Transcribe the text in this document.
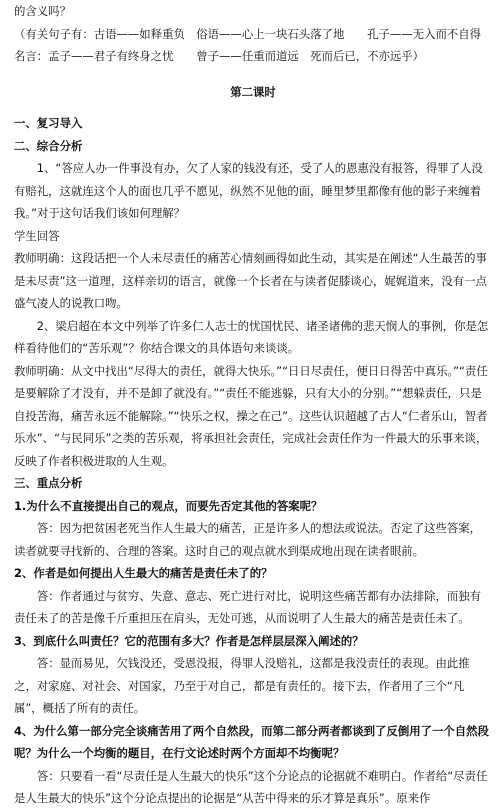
的含义吗？

（有关句子有：古语——如释重负　俗语——心上一块石头落了地　　孔子——无入而不自得

名言：孟子——君子有终身之忧　　曾子——任重而道远　死而后已，不亦远乎）

第二课时

一、复习导入

二、综合分析

1、“答应人办一件事没有办，欠了人家的钱没有还，受了人的恩惠没有报答，得罪了人没有赔礼，这就连这个人的面也几乎不愿见，纵然不见他的面，睡里梦里都像有他的影子来缠着我。”对于这句话我们该如何理解？

学生回答

教师明确：这段话把一个人未尽责任的痛苦心情刻画得如此生动，其实是在阐述“人生最苦的事是未尽责”这一道理，这样亲切的语言，就像一个长者在与读者促膝谈心，娓娓道来，没有一点盛气凌人的说教口吻。

2、梁启超在本文中列举了许多仁人志士的忧国忧民、诸圣诸佛的悲天悯人的事例，你是怎样看待他们的“苦乐观”？你结合课文的具体语句来谈谈。

教师明确：从文中找出“尽得大的责任，就得大快乐。”“日日尽责任，便日日得苦中真乐。”“责任是要解除了才没有，并不是卸了就没有。”“责任不能逃躲，只有大小的分别。”“想躲责任，只是自投苦海，痛苦永远不能解除。”“快乐之权，操之在己”。这些认识超越了古人“仁者乐山，智者乐水”、“与民同乐”之类的苦乐观，将承担社会责任，完成社会责任作为一件最大的乐事来谈，反映了作者积极进取的人生观。

三、重点分析

1.为什么不直接提出自己的观点，而要先否定其他的答案呢？

答：因为把贫困老死当作人生最大的痛苦，正是许多人的想法或说法。否定了这些答案，读者就要寻找新的、合理的答案。这时自己的观点就水到渠成地出现在读者眼前。

2、作者是如何提出人生最大的痛苦是责任未了的？

答：作者通过与贫穷、失意、意志、死亡进行对比，说明这些痛苦都有办法排除，而独有责任未了的苦是像千斤重担压在肩头，无处可逃，从而说明了人生最大的痛苦是责任未了。

3、到底什么叫责任？它的范围有多大？作者是怎样层层深入阐述的？

答：显而易见，欠钱没还，受恩没报，得罪人没赔礼，这都是我没责任的表现。由此推之，对家庭、对社会、对国家，乃至于对自己，都是有责任的。接下去，作者用了三个“凡属”，概括了所有的责任。

4、为什么第一部分完全谈痛苦用了两个自然段，而第二部分两者都谈到了反倒用了一个自然段呢？为什么一个均衡的题目，在行文论述时两个方面却不均衡呢？

答：只要看一看“尽责任是人生最大的快乐”这个分论点的论据就不难明白。作者给“尽责任是人生最大的快乐”这个分论点提出的论据是“从苦中得来的乐才算是真乐”。原来作
